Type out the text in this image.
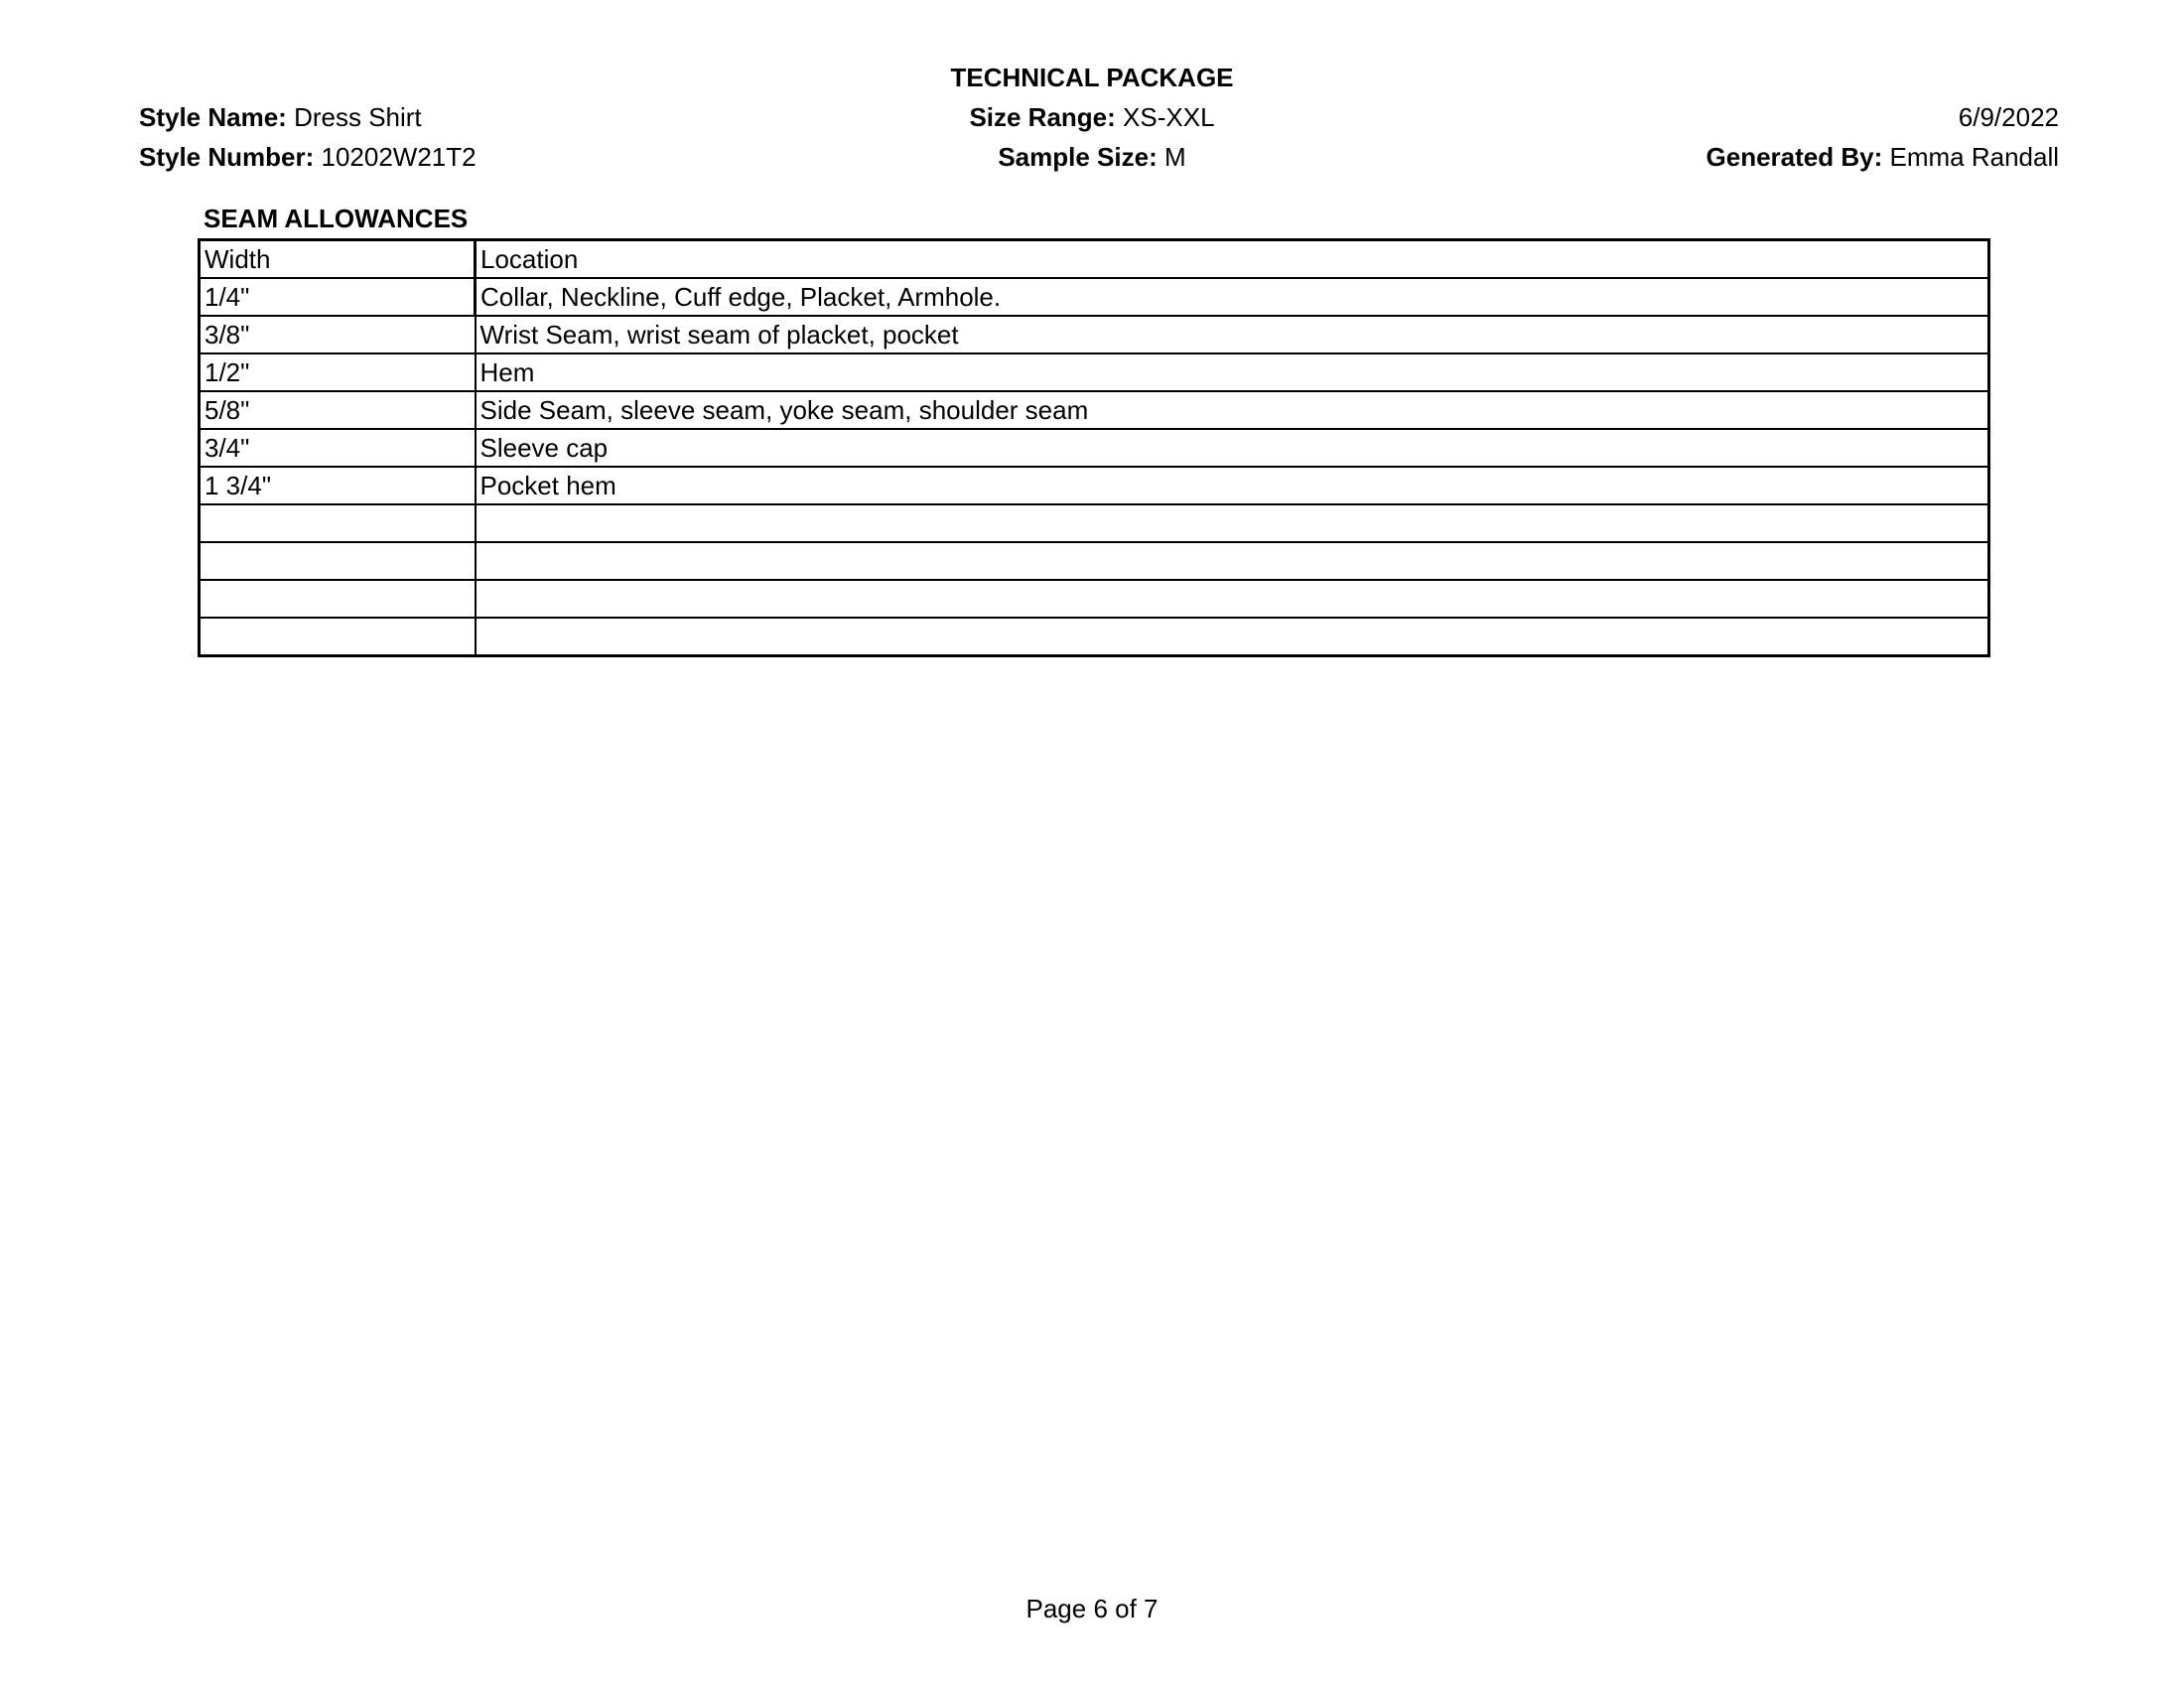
TECHNICAL PACKAGE
Style Name: Dress Shirt
Style Number: 10202W21T2
Size Range: XS-XXL
Sample Size: M
6/9/2022
Generated By: Emma Randall
SEAM ALLOWANCES
Width	Location
1/4"	Collar, Neckline, Cuff edge, Placket, Armhole.
3/8"	Wrist Seam, wrist seam of placket, pocket
1/2"	Hem
5/8"	Side Seam, sleeve seam, yoke seam, shoulder seam
3/4"	Sleeve cap
1 3/4"	Pocket hem

Page 6 of 7
